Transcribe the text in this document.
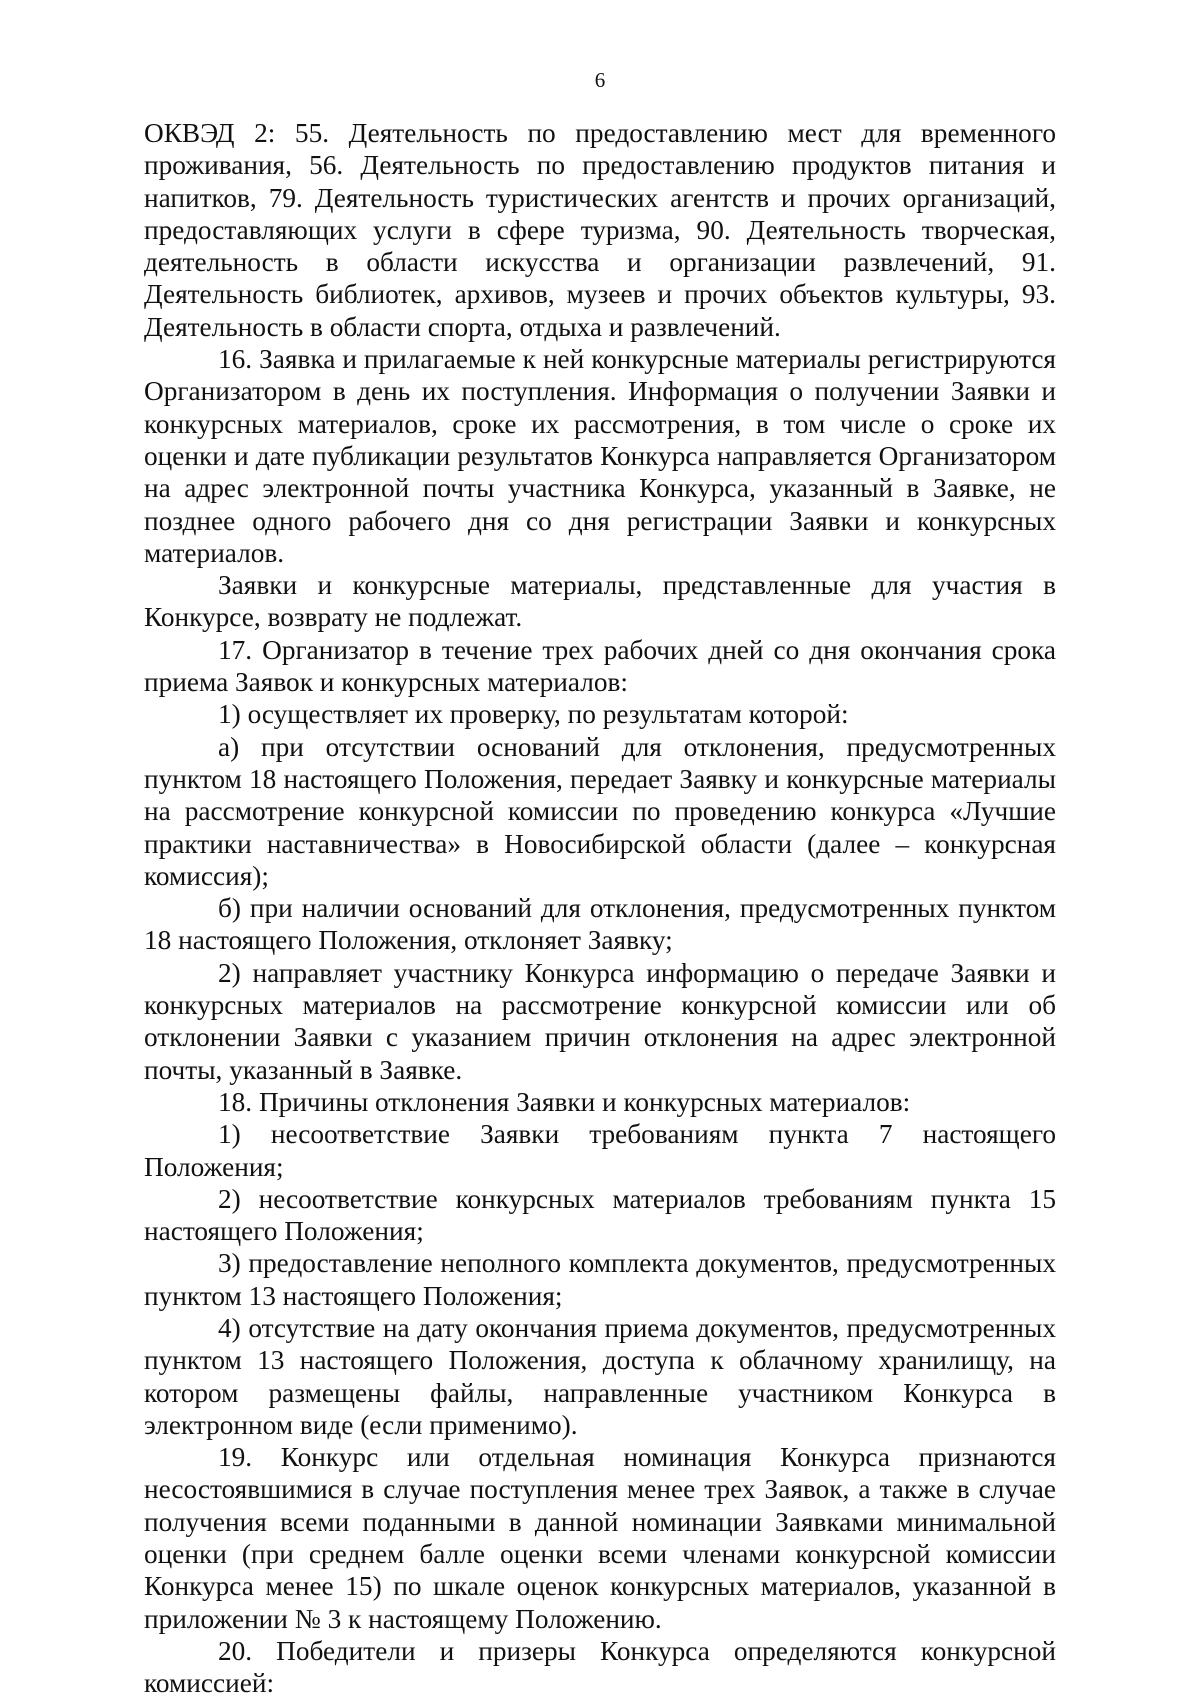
6

ОКВЭД 2: 55. Деятельность по предоставлению мест для временного проживания, 56. Деятельность по предоставлению продуктов питания и напитков, 79. Деятельность туристических агентств и прочих организаций, предоставляющих услуги в сфере туризма, 90. Деятельность творческая, деятельность в области искусства и организации развлечений, 91. Деятельность библиотек, архивов, музеев и прочих объектов культуры, 93. Деятельность в области спорта, отдыха и развлечений.

16. Заявка и прилагаемые к ней конкурсные материалы регистрируются Организатором в день их поступления. Информация о получении Заявки и конкурсных материалов, сроке их рассмотрения, в том числе о сроке их оценки и дате публикации результатов Конкурса направляется Организатором на адрес электронной почты участника Конкурса, указанный в Заявке, не позднее одного рабочего дня со дня регистрации Заявки и конкурсных материалов.

Заявки и конкурсные материалы, представленные для участия в Конкурсе, возврату не подлежат.

17. Организатор в течение трех рабочих дней со дня окончания срока приема Заявок и конкурсных материалов:

1) осуществляет их проверку, по результатам которой:

а) при отсутствии оснований для отклонения, предусмотренных пунктом 18 настоящего Положения, передает Заявку и конкурсные материалы на рассмотрение конкурсной комиссии по проведению конкурса «Лучшие практики наставничества» в Новосибирской области (далее – конкурсная комиссия);

б) при наличии оснований для отклонения, предусмотренных пунктом 18 настоящего Положения, отклоняет Заявку;

2) направляет участнику Конкурса информацию о передаче Заявки и конкурсных материалов на рассмотрение конкурсной комиссии или об отклонении Заявки с указанием причин отклонения на адрес электронной почты, указанный в Заявке.

18. Причины отклонения Заявки и конкурсных материалов:

1) несоответствие Заявки требованиям пункта 7 настоящего Положения;

2) несоответствие конкурсных материалов требованиям пункта 15 настоящего Положения;

3) предоставление неполного комплекта документов, предусмотренных пунктом 13 настоящего Положения;

4) отсутствие на дату окончания приема документов, предусмотренных пунктом 13 настоящего Положения, доступа к облачному хранилищу, на котором размещены файлы, направленные участником Конкурса в электронном виде (если применимо).

19. Конкурс или отдельная номинация Конкурса признаются несостоявшимися в случае поступления менее трех Заявок, а также в случае получения всеми поданными в данной номинации Заявками минимальной оценки (при среднем балле оценки всеми членами конкурсной комиссии Конкурса менее 15) по шкале оценок конкурсных материалов, указанной в приложении № 3 к настоящему Положению.

20. Победители и призеры Конкурса определяются конкурсной комиссией:
